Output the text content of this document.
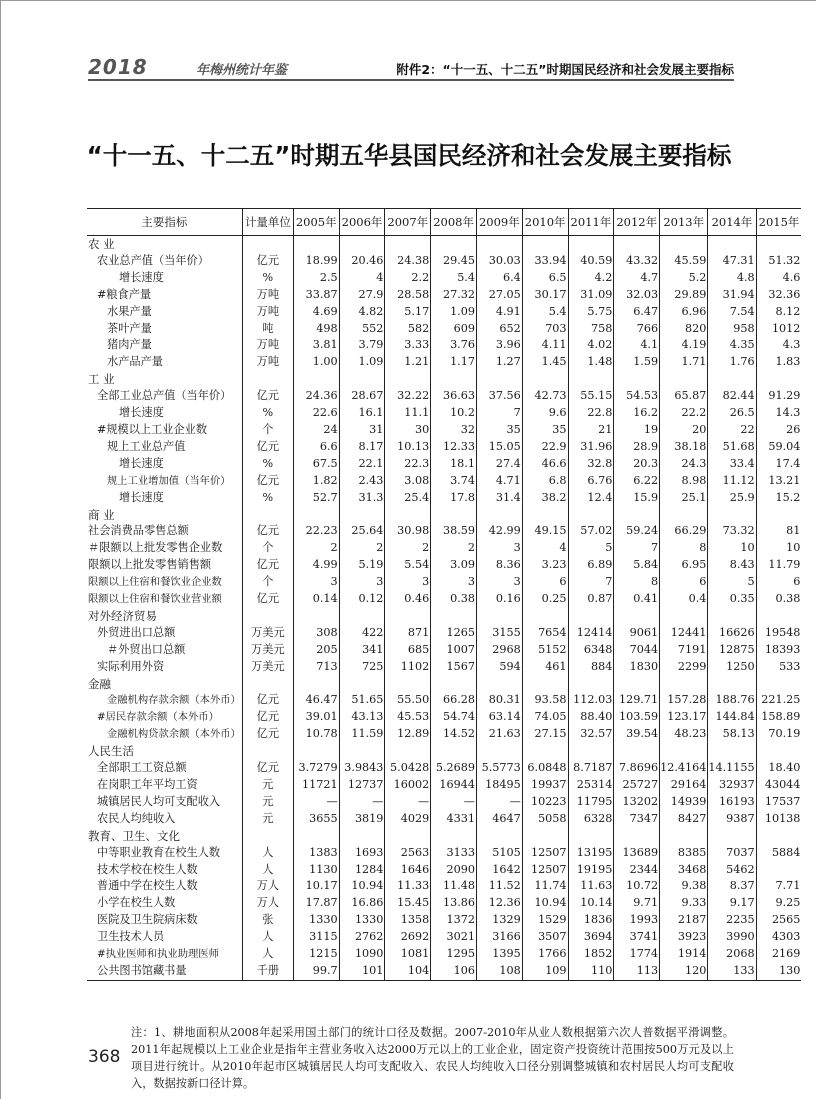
2018	年梅州统计年鉴	附件2：“十一五、十二五”时期国民经济和社会发展主要指标
“十一五、十二五”时期五华县国民经济和社会发展主要指标
主要指标	计量单位	2005年	2006年	2007年	2008年	2009年	2010年	2011年	2012年	2013年	2014年	2015年
农 业												
农业总产值（当年价）	亿元	18.99	20.46	24.38	29.45	30.03	33.94	40.59	43.32	45.59	47.31	51.32
增长速度	%	2.5	4	2.2	5.4	6.4	6.5	4.2	4.7	5.2	4.8	4.6
#粮食产量	万吨	33.87	27.9	28.58	27.32	27.05	30.17	31.09	32.03	29.89	31.94	32.36
水果产量	万吨	4.69	4.82	5.17	1.09	4.91	5.4	5.75	6.47	6.96	7.54	8.12
茶叶产量	吨	498	552	582	609	652	703	758	766	820	958	1012
猪肉产量	万吨	3.81	3.79	3.33	3.76	3.96	4.11	4.02	4.1	4.19	4.35	4.3
水产品产量	万吨	1.00	1.09	1.21	1.17	1.27	1.45	1.48	1.59	1.71	1.76	1.83
工 业												
全部工业总产值（当年价）	亿元	24.36	28.67	32.22	36.63	37.56	42.73	55.15	54.53	65.87	82.44	91.29
增长速度	%	22.6	16.1	11.1	10.2	7	9.6	22.8	16.2	22.2	26.5	14.3
#规模以上工业企业数	个	24	31	30	32	35	35	21	19	20	22	26
规上工业总产值	亿元	6.6	8.17	10.13	12.33	15.05	22.9	31.96	28.9	38.18	51.68	59.04
增长速度	%	67.5	22.1	22.3	18.1	27.4	46.6	32.8	20.3	24.3	33.4	17.4
规上工业增加值（当年价）	亿元	1.82	2.43	3.08	3.74	4.71	6.8	6.76	6.22	8.98	11.12	13.21
增长速度	%	52.7	31.3	25.4	17.8	31.4	38.2	12.4	15.9	25.1	25.9	15.2
商 业												
社会消费品零售总额	亿元	22.23	25.64	30.98	38.59	42.99	49.15	57.02	59.24	66.29	73.32	81
＃限额以上批发零售企业数	个	2	2	2	2	3	4	5	7	8	10	10
限额以上批发零售销售额	亿元	4.99	5.19	5.54	3.09	8.36	3.23	6.89	5.84	6.95	8.43	11.79
限额以上住宿和餐饮业企业数	个	3	3	3	3	3	6	7	8	6	5	6
限额以上住宿和餐饮业营业额	亿元	0.14	0.12	0.46	0.38	0.16	0.25	0.87	0.41	0.4	0.35	0.38
对外经济贸易												
外贸进出口总额	万美元	308	422	871	1265	3155	7654	12414	9061	12441	16626	19548
＃外贸出口总额	万美元	205	341	685	1007	2968	5152	6348	7044	7191	12875	18393
实际利用外资	万美元	713	725	1102	1567	594	461	884	1830	2299	1250	533
金融												
金融机构存款余额（本外币）	亿元	46.47	51.65	55.50	66.28	80.31	93.58	112.03	129.71	157.28	188.76	221.25
#居民存款余额（本外币）	亿元	39.01	43.13	45.53	54.74	63.14	74.05	88.40	103.59	123.17	144.84	158.89
金融机构贷款余额（本外币）	亿元	10.78	11.59	12.89	14.52	21.63	27.15	32.57	39.54	48.23	58.13	70.19
人民生活												
全部职工工资总额	亿元	3.7279	3.9843	5.0428	5.2689	5.5773	6.0848	8.7187	7.8696	12.4164	14.1155	18.40
在岗职工年平均工资	元	11721	12737	16002	16944	18495	19937	25314	25727	29164	32937	43044
城镇居民人均可支配收入	元	—	—	—	—	—	10223	11795	13202	14939	16193	17537
农民人均纯收入	元	3655	3819	4029	4331	4647	5058	6328	7347	8427	9387	10138
教育、卫生、文化												
中等职业教育在校生人数	人	1383	1693	2563	3133	5105	12507	13195	13689	8385	7037	5884
技术学校在校生人数	人	1130	1284	1646	2090	1642	12507	19195	2344	3468	5462	
普通中学在校生人数	万人	10.17	10.94	11.33	11.48	11.52	11.74	11.63	10.72	9.38	8.37	7.71
小学在校生人数	万人	17.87	16.86	15.45	13.86	12.36	10.94	10.14	9.71	9.33	9.17	9.25
医院及卫生院病床数	张	1330	1330	1358	1372	1329	1529	1836	1993	2187	2235	2565
卫生技术人员	人	3115	2762	2692	3021	3166	3507	3694	3741	3923	3990	4303
#执业医师和执业助理医师	人	1215	1090	1081	1295	1395	1766	1852	1774	1914	2068	2169
公共图书馆藏书量	千册	99.7	101	104	106	108	109	110	113	120	133	130

注：1、耕地面积从2008年起采用国土部门的统计口径及数据。2007-2010年从业人数根据第六次人普数据平滑调整。2011年起规模以上工业企业是指年主营业务收入达2000万元以上的工业企业，固定资产投资统计范围按500万元及以上项目进行统计。从2010年起市区城镇居民人均可支配收入、农民人均纯收入口径分别调整城镇和农村居民人均可支配收入，数据按新口径计算。

368
